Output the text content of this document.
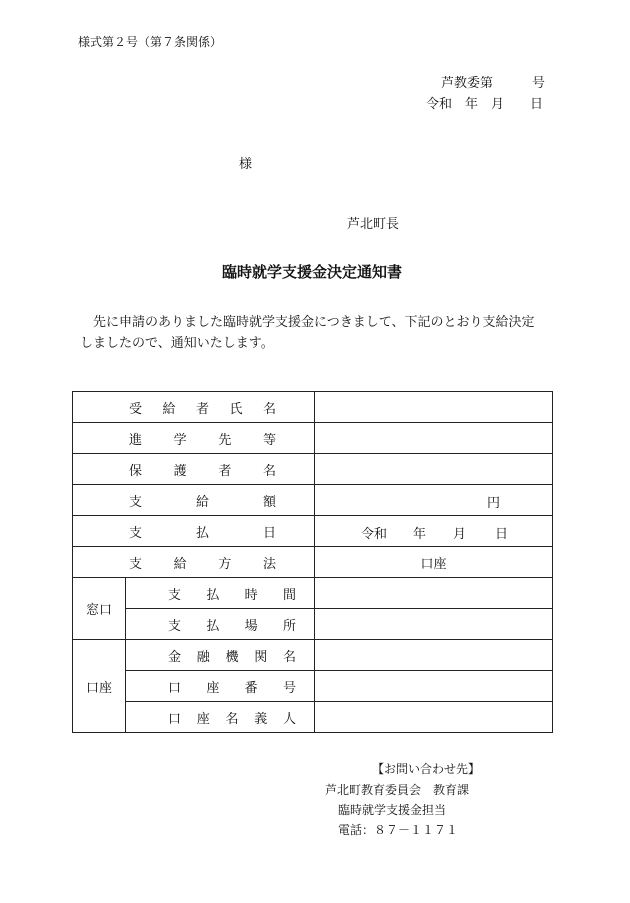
様式第２号（第７条関係）
芦教委第　　　号
令和　年　月　　日
様
芦北町長
臨時就学支援金決定通知書
先に申請のありました臨時就学支援金につきまして、下記のとおり支給決定
しましたので、通知いたします。
受給者氏名		

進学先等		

保護者名		

支給額		円

支払日		令和 年 月 日

支給方法		口座

窓口	支払時間	

	支払場所	

口座	金融機関名	

	口座番号	

	口座名義人	

【お問い合わせ先】
芦北町教育委員会　教育課
臨時就学支援金担当
電話：８７－１１７１
